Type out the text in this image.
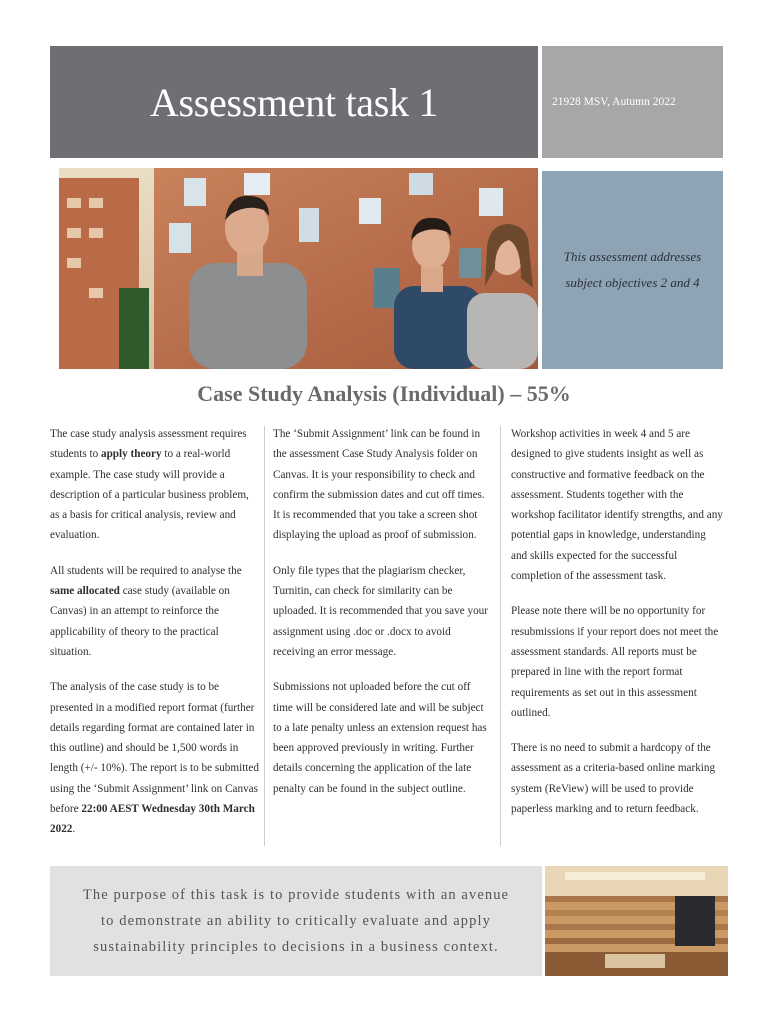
Assessment task 1	21928 MSV, Autumn 2022
This assessment addresses
subject objectives 2 and 4
Case Study Analysis (Individual) – 55%

The case study analysis assessment requires students to apply theory to a real-world example. The case study will provide a description of a particular business problem, as a basis for critical analysis, review and evaluation.

All students will be required to analyse the same allocated case study (available on Canvas) in an attempt to reinforce the applicability of theory to the practical situation.

The analysis of the case study is to be presented in a modified report format (further details regarding format are contained later in this outline) and should be 1,500 words in length (+/- 10%). The report is to be submitted using the ‘Submit Assignment’ link on Canvas before 22:00 AEST Wednesday 30th March 2022.

The ‘Submit Assignment’ link can be found in the assessment Case Study Analysis folder on Canvas. It is your responsibility to check and confirm the submission dates and cut off times. It is recommended that you take a screen shot displaying the upload as proof of submission.

Only file types that the plagiarism checker, Turnitin, can check for similarity can be uploaded. It is recommended that you save your assignment using .doc or .docx to avoid receiving an error message.

Submissions not uploaded before the cut off time will be considered late and will be subject to a late penalty unless an extension request has been approved previously in writing. Further details concerning the application of the late penalty can be found in the subject outline.

Workshop activities in week 4 and 5 are designed to give students insight as well as constructive and formative feedback on the assessment. Students together with the workshop facilitator identify strengths, and any potential gaps in knowledge, understanding and skills expected for the successful completion of the assessment task.

Please note there will be no opportunity for resubmissions if your report does not meet the assessment standards. All reports must be prepared in line with the report format requirements as set out in this assessment outlined.

There is no need to submit a hardcopy of the assessment as a criteria-based online marking system (ReView) will be used to provide paperless marking and to return feedback.

The purpose of this task is to provide students with an avenue to demonstrate an ability to critically evaluate and apply sustainability principles to decisions in a business context.
